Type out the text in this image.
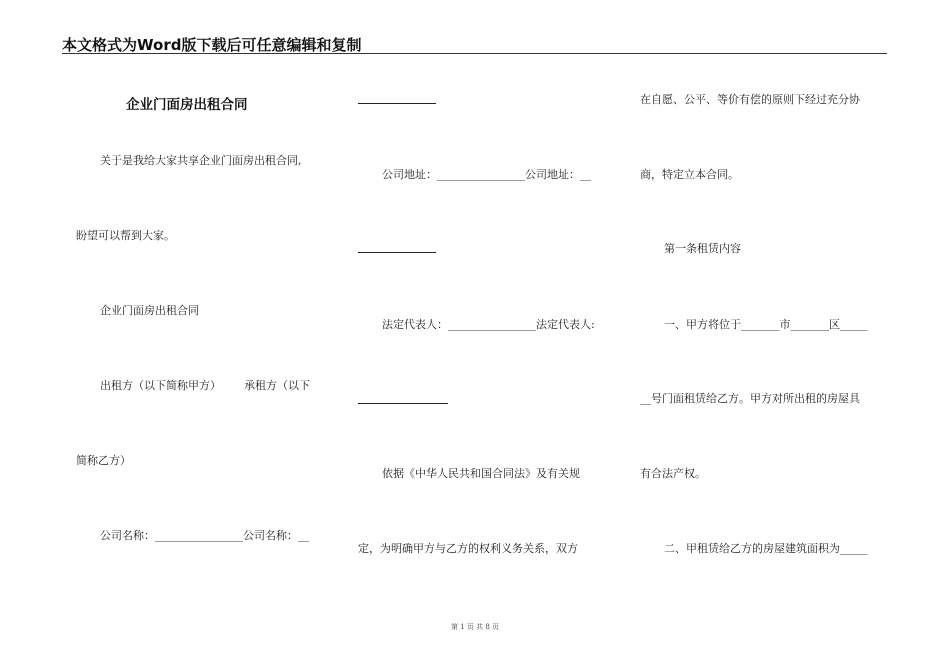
本文格式为Word版下载后可任意编辑和复制
企业门面房出租合同
关于是我给大家共享企业门面房出租合同,
盼望可以帮到大家。
企业门面房出租合同
出租方（以下简称甲方） 承租方（以下
简称乙方）
公司名称：________________公司名称：__
公司地址：________________公司地址：__
法定代表人：________________法定代表人:
依据《中华人民共和国合同法》及有关规
定，为明确甲方与乙方的权利义务关系，双方
在自愿、公平、等价有偿的原则下经过充分协
商，特定立本合同。
第一条租赁内容
一、甲方将位于_______市_______区_____
__号门面租赁给乙方。甲方对所出租的房屋具
有合法产权。
二、甲租赁给乙方的房屋建筑面积为_____
第 1 页 共 8 页
